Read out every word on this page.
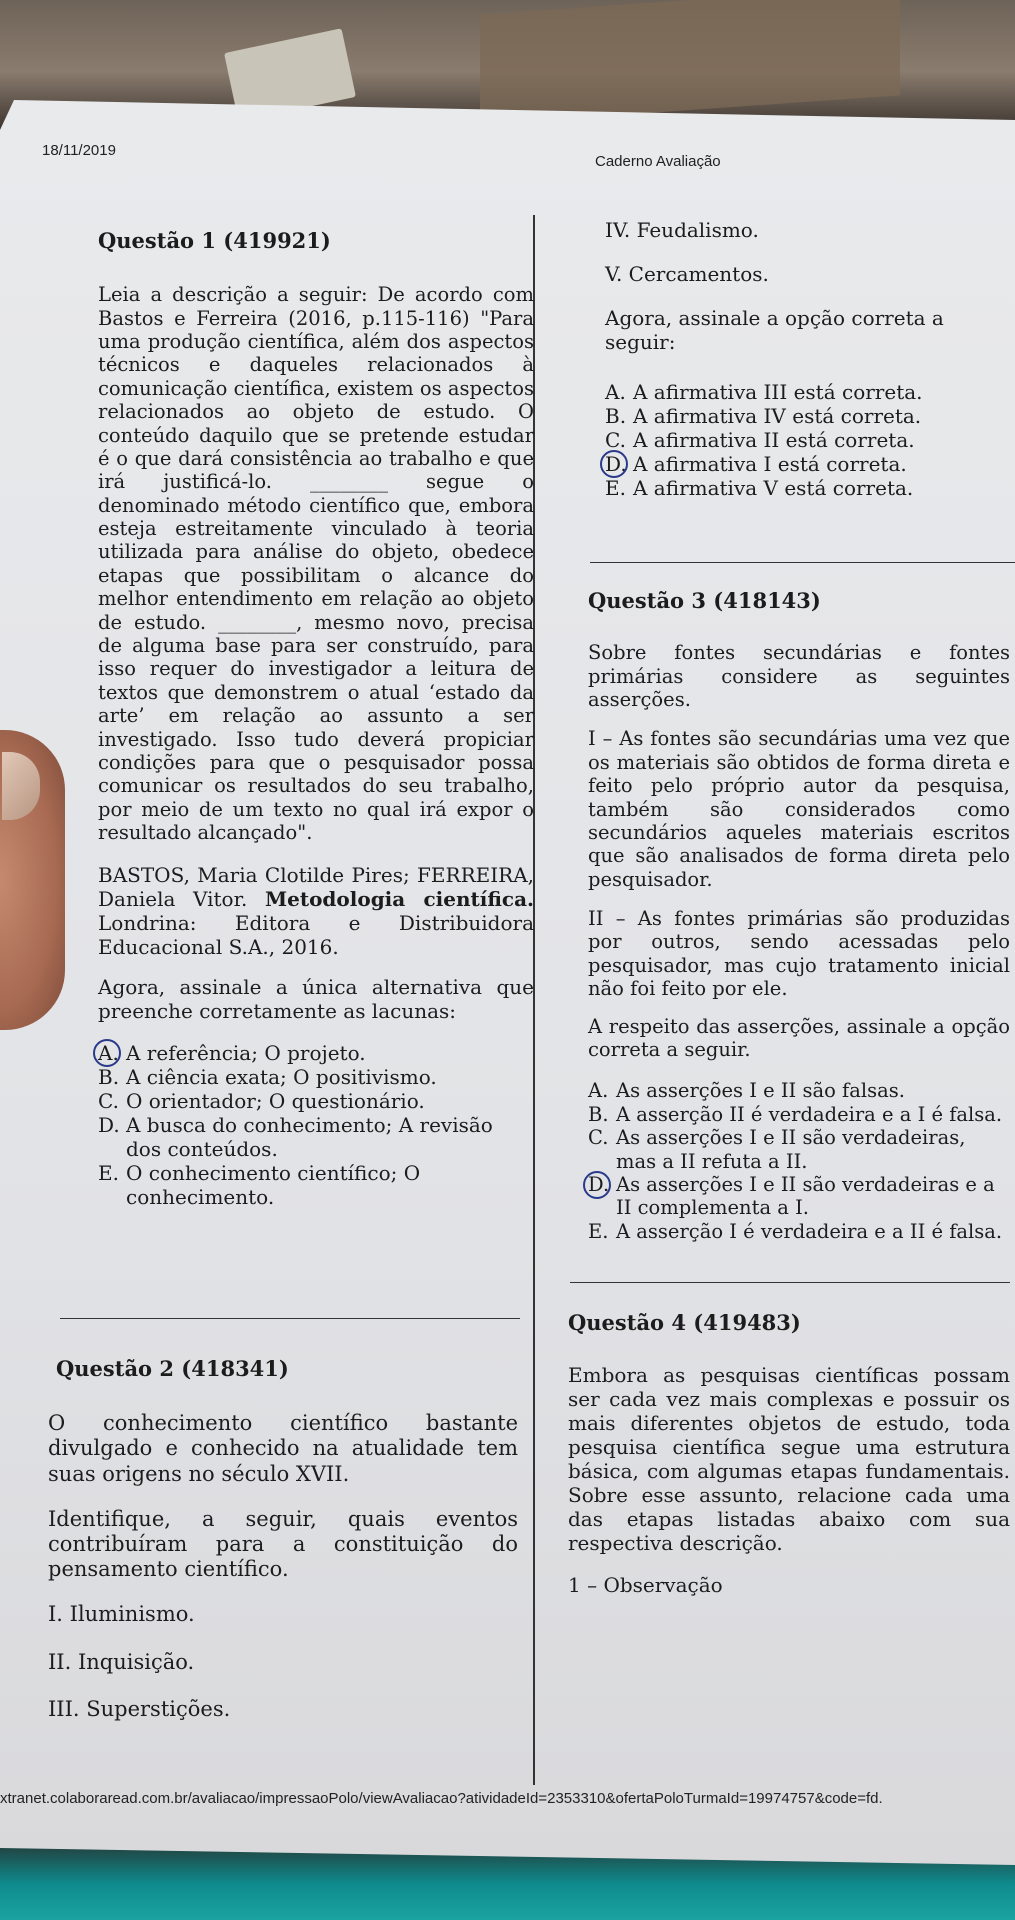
18/11/2019
Caderno Avaliação

Questão 1 (419921)

Leia a descrição a seguir: De acordo com Bastos e Ferreira (2016, p.115-116) "Para uma produção científica, além dos aspectos técnicos e daqueles relacionados à comunicação científica, existem os aspectos relacionados ao objeto de estudo. O conteúdo daquilo que se pretende estudar é o que dará consistência ao trabalho e que irá justificá-lo. ________ segue o denominado método científico que, embora esteja estreitamente vinculado à teoria utilizada para análise do objeto, obedece etapas que possibilitam o alcance do melhor entendimento em relação ao objeto de estudo. ________, mesmo novo, precisa de alguma base para ser construído, para isso requer do investigador a leitura de textos que demonstrem o atual ‘estado da arte’ em relação ao assunto a ser investigado. Isso tudo deverá propiciar condições para que o pesquisador possa comunicar os resultados do seu trabalho, por meio de um texto no qual irá expor o resultado alcançado".

BASTOS, Maria Clotilde Pires; FERREIRA, Daniela Vitor. Metodologia científica. Londrina: Editora e Distribuidora Educacional S.A., 2016.

Agora, assinale a única alternativa que preenche corretamente as lacunas:

A. A referência; O projeto.
B. A ciência exata; O positivismo.
C. O orientador; O questionário.
D. A busca do conhecimento; A revisão dos conteúdos.
E. O conhecimento científico; O conhecimento.

Questão 2 (418341)

O conhecimento científico bastante divulgado e conhecido na atualidade tem suas origens no século XVII.

Identifique, a seguir, quais eventos contribuíram para a constituição do pensamento científico.

I. Iluminismo.

II. Inquisição.

III. Superstições.

IV. Feudalismo.

V. Cercamentos.

Agora, assinale a opção correta a seguir:

A. A afirmativa III está correta.
B. A afirmativa IV está correta.
C. A afirmativa II está correta.
D. A afirmativa I está correta.
E. A afirmativa V está correta.

Questão 3 (418143)

Sobre fontes secundárias e fontes primárias considere as seguintes asserções.

I – As fontes são secundárias uma vez que os materiais são obtidos de forma direta e feito pelo próprio autor da pesquisa, também são considerados como secundários aqueles materiais escritos que são analisados de forma direta pelo pesquisador.

II – As fontes primárias são produzidas por outros, sendo acessadas pelo pesquisador, mas cujo tratamento inicial não foi feito por ele.

A respeito das asserções, assinale a opção correta a seguir.

A. As asserções I e II são falsas.
B. A asserção II é verdadeira e a I é falsa.
C. As asserções I e II são verdadeiras, mas a II refuta a II.
D. As asserções I e II são verdadeiras e a II complementa a I.
E. A asserção I é verdadeira e a II é falsa.

Questão 4 (419483)

Embora as pesquisas científicas possam ser cada vez mais complexas e possuir os mais diferentes objetos de estudo, toda pesquisa científica segue uma estrutura básica, com algumas etapas fundamentais. Sobre esse assunto, relacione cada uma das etapas listadas abaixo com sua respectiva descrição.

1 – Observação

xtranet.colaboraread.com.br/avaliacao/impressaoPolo/viewAvaliacao?atividadeId=2353310&ofertaPoloTurmaId=19974757&code=fd.
